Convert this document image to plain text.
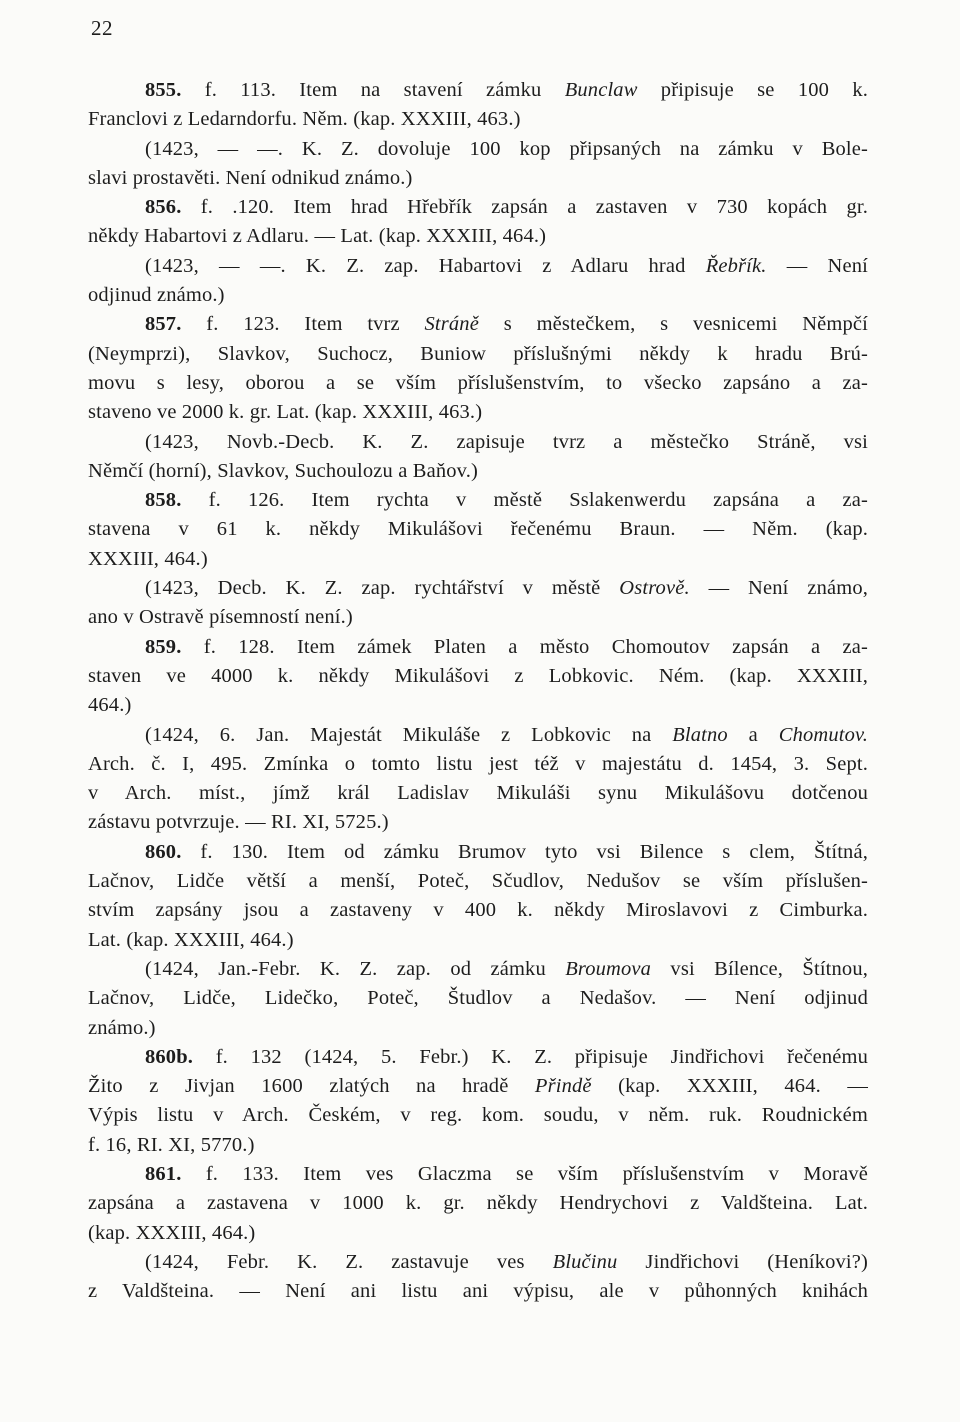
22
855. f. 113. Item na stavení zámku Bunclaw připisuje se 100 k.
Franclovi z Ledarndorfu. Něm. (kap. XXXIII, 463.)
(1423, — —. K. Z. dovoluje 100 kop připsaných na zámku v Bole-
slavi prostavěti. Není odnikud známo.)
856. f. .120. Item hrad Hřebřík zapsán a zastaven v 730 kopách gr.
někdy Habartovi z Adlaru. — Lat. (kap. XXXIII, 464.)
(1423, — —. K. Z. zap. Habartovi z Adlaru hrad Řebřík. — Není
odjinud známo.)
857. f. 123. Item tvrz Stráně s městečkem, s vesnicemi Němpčí
(Neymprzi), Slavkov, Suchocz, Buniow příslušnými někdy k hradu Brú-
movu s lesy, oborou a se vším příslušenstvím, to všecko zapsáno a za-
staveno ve 2000 k. gr. Lat. (kap. XXXIII, 463.)
(1423, Novb.-Decb. K. Z. zapisuje tvrz a městečko Stráně, vsi
Němčí (horní), Slavkov, Suchoulozu a Baňov.)
858. f. 126. Item rychta v městě Sslakenwerdu zapsána a za-
stavena v 61 k. někdy Mikulášovi řečenému Braun. — Něm. (kap.
XXXIII, 464.)
(1423, Decb. K. Z. zap. rychtářství v městě Ostrově. — Není známo,
ano v Ostravě písemností není.)
859. f. 128. Item zámek Platen a město Chomoutov zapsán a za-
staven ve 4000 k. někdy Mikulášovi z Lobkovic. Ném. (kap. XXXIII,
464.)
(1424, 6. Jan. Majestát Mikuláše z Lobkovic na Blatno a Chomutov.
Arch. č. I, 495. Zmínka o tomto listu jest též v majestátu d. 1454, 3. Sept.
v Arch. míst., jímž král Ladislav Mikuláši synu Mikulášovu dotčenou
zástavu potvrzuje. — RI. XI, 5725.)
860. f. 130. Item od zámku Brumov tyto vsi Bilence s clem, Štítná,
Lačnov, Lidče větší a menší, Poteč, Sčudlov, Nedušov se vším příslušen-
stvím zapsány jsou a zastaveny v 400 k. někdy Miroslavovi z Cimburka.
Lat. (kap. XXXIII, 464.)
(1424, Jan.-Febr. K. Z. zap. od zámku Broumova vsi Bílence, Štítnou,
Lačnov, Lidče, Lidečko, Poteč, Študlov a Nedašov. — Není odjinud
známo.)
860b. f. 132 (1424, 5. Febr.) K. Z. připisuje Jindřichovi řečenému
Žito z Jivjan 1600 zlatých na hradě Přindě (kap. XXXIII, 464. —
Výpis listu v Arch. Českém, v reg. kom. soudu, v něm. ruk. Roudnickém
f. 16, RI. XI, 5770.)
861. f. 133. Item ves Glaczma se vším příslušenstvím v Moravě
zapsána a zastavena v 1000 k. gr. někdy Hendrychovi z Valdšteina. Lat.
(kap. XXXIII, 464.)
(1424, Febr. K. Z. zastavuje ves Blučinu Jindřichovi (Heníkovi?)
z Valdšteina. — Není ani listu ani výpisu, ale v půhonných knihách
